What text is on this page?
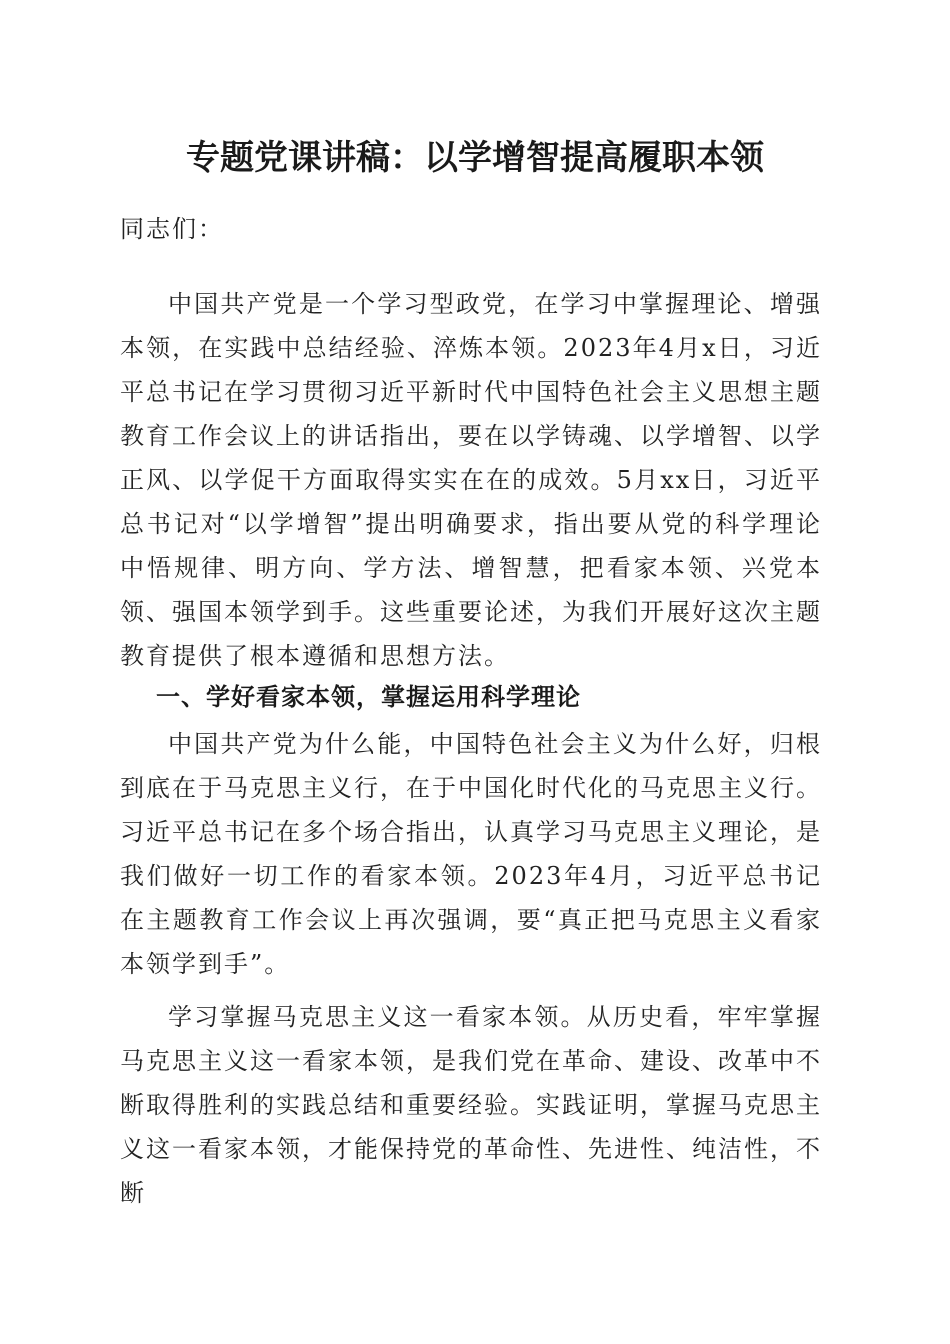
专题党课讲稿：以学增智提高履职本领
同志们：
中国共产党是一个学习型政党，在学习中掌握理论、增强本领，在实践中总结经验、淬炼本领。2023年4月x日，习近平总书记在学习贯彻习近平新时代中国特色社会主义思想主题教育工作会议上的讲话指出，要在以学铸魂、以学增智、以学正风、以学促干方面取得实实在在的成效。5月xx日，习近平总书记对“以学增智”提出明确要求，指出要从党的科学理论中悟规律、明方向、学方法、增智慧，把看家本领、兴党本领、强国本领学到手。这些重要论述，为我们开展好这次主题教育提供了根本遵循和思想方法。
一、学好看家本领，掌握运用科学理论
中国共产党为什么能，中国特色社会主义为什么好，归根到底在于马克思主义行，在于中国化时代化的马克思主义行。习近平总书记在多个场合指出，认真学习马克思主义理论，是我们做好一切工作的看家本领。2023年4月，习近平总书记在主题教育工作会议上再次强调，要“真正把马克思主义看家本领学到手”。
学习掌握马克思主义这一看家本领。从历史看，牢牢掌握马克思主义这一看家本领，是我们党在革命、建设、改革中不断取得胜利的实践总结和重要经验。实践证明，掌握马克思主义这一看家本领，才能保持党的革命性、先进性、纯洁性，不断
